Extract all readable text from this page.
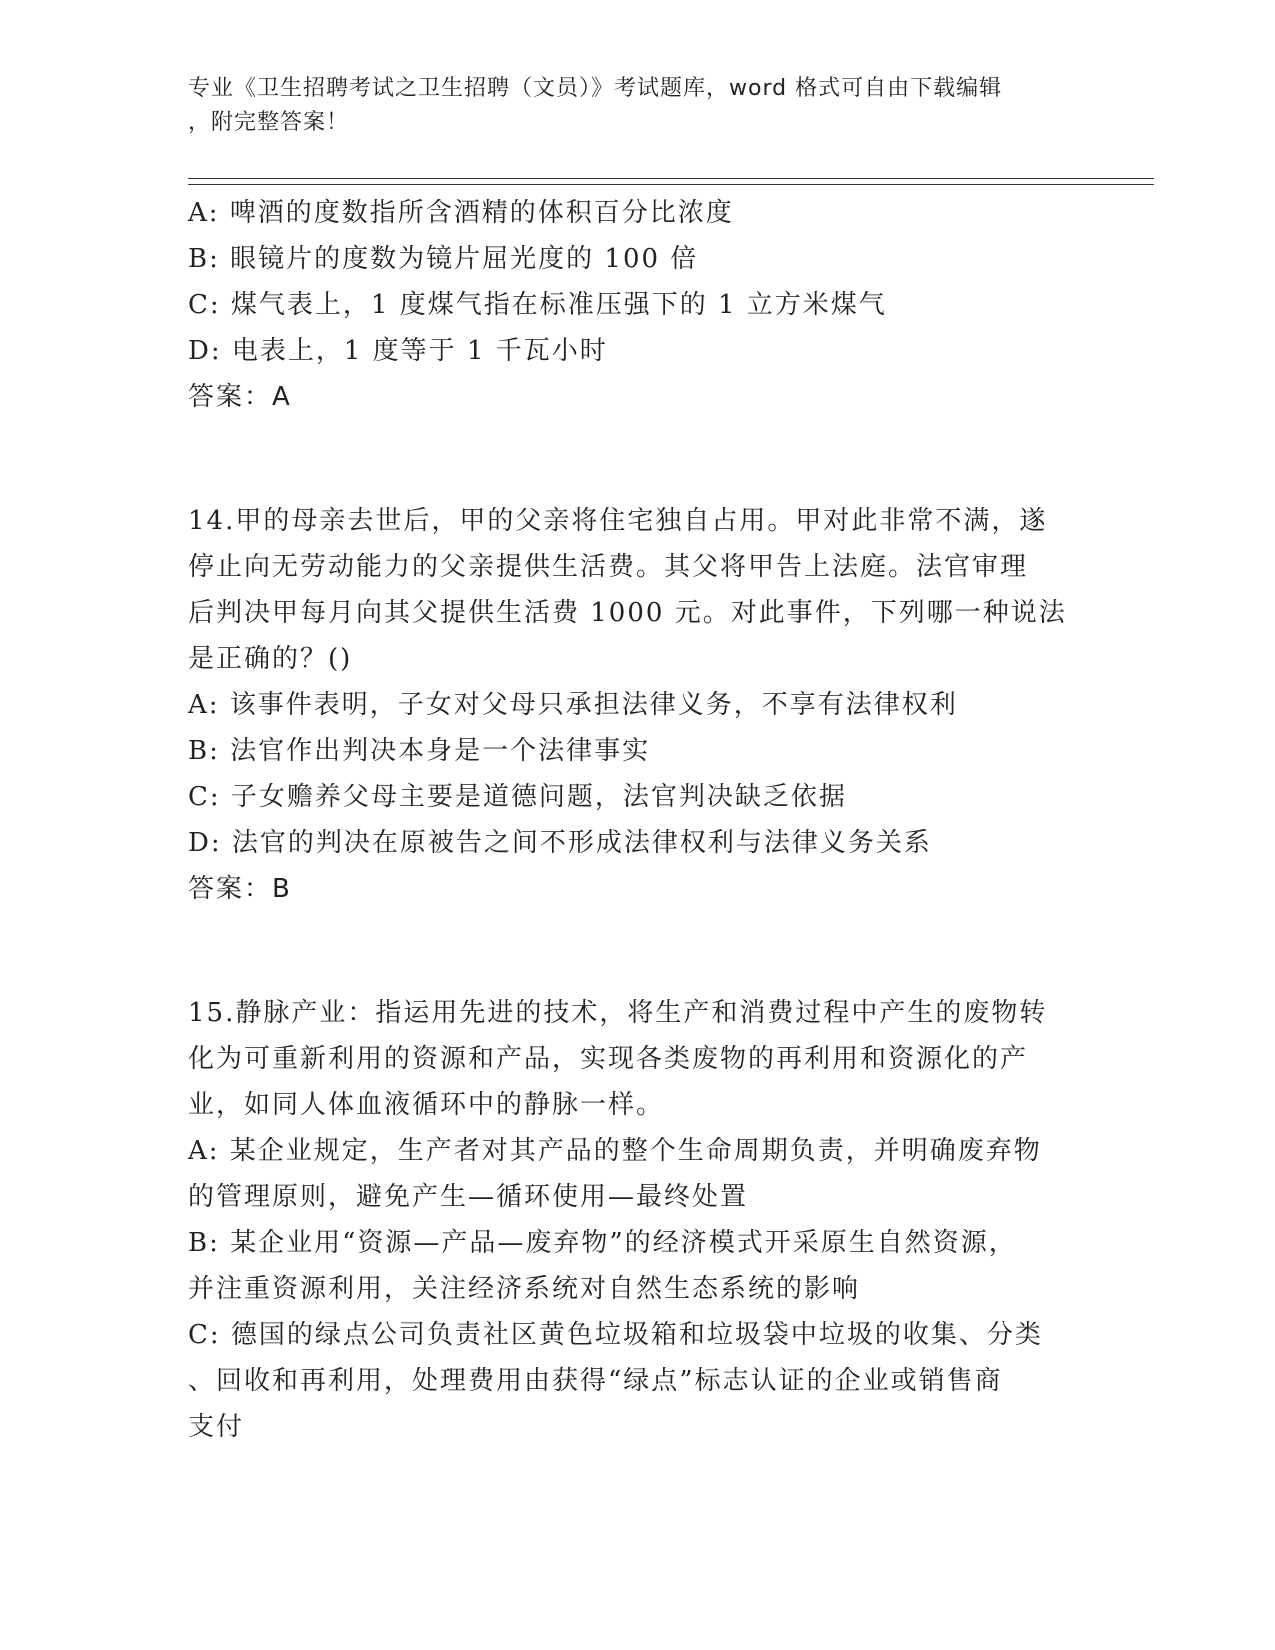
专业《卫生招聘考试之卫生招聘（文员）》考试题库，word 格式可自由下载编辑
，附完整答案！
A: 啤酒的度数指所含酒精的体积百分比浓度
B: 眼镜片的度数为镜片屈光度的 100 倍
C: 煤气表上，1 度煤气指在标准压强下的 1 立方米煤气
D: 电表上，1 度等于 1 千瓦小时
答案：A
14.甲的母亲去世后，甲的父亲将住宅独自占用。甲对此非常不满，遂
停止向无劳动能力的父亲提供生活费。其父将甲告上法庭。法官审理
后判决甲每月向其父提供生活费 1000 元。对此事件，下列哪一种说法
是正确的？()
A: 该事件表明，子女对父母只承担法律义务，不享有法律权利
B: 法官作出判决本身是一个法律事实
C: 子女赡养父母主要是道德问题，法官判决缺乏依据
D: 法官的判决在原被告之间不形成法律权利与法律义务关系
答案：B
15.静脉产业：指运用先进的技术，将生产和消费过程中产生的废物转
化为可重新利用的资源和产品，实现各类废物的再利用和资源化的产
业，如同人体血液循环中的静脉一样。
A: 某企业规定，生产者对其产品的整个生命周期负责，并明确废弃物
的管理原则，避免产生—循环使用—最终处置
B: 某企业用“资源—产品—废弃物”的经济模式开采原生自然资源，
并注重资源利用，关注经济系统对自然生态系统的影响
C: 德国的绿点公司负责社区黄色垃圾箱和垃圾袋中垃圾的收集、分类
、回收和再利用，处理费用由获得“绿点”标志认证的企业或销售商
支付
